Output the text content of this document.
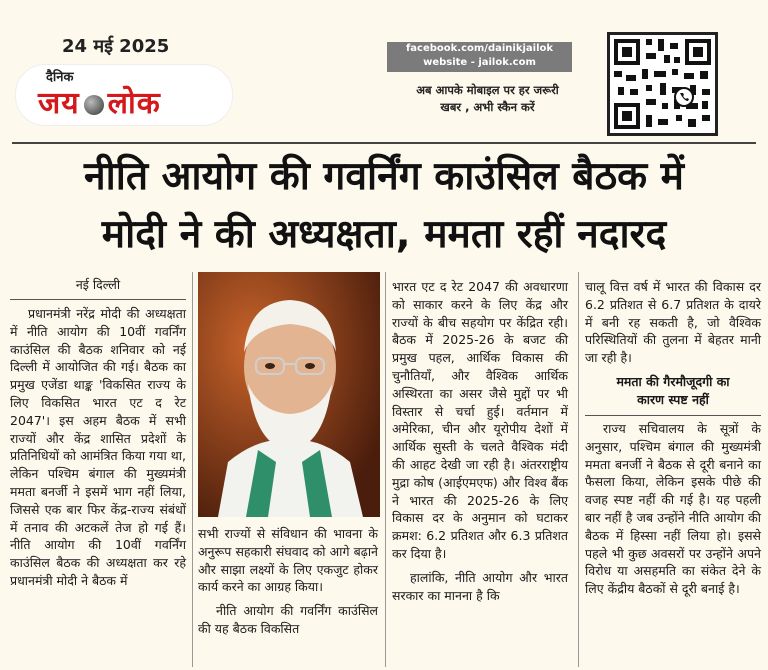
24 मई 2025
दैनिक
जय लोक
facebook.com/dainikjailok
website - jailok.com
अब आपके मोबाइल पर हर जरूरी
खबर , अभी स्कैन करें
नीति आयोग की गवर्निंग काउंसिल बैठक में
मोदी ने की अध्यक्षता, ममता रहीं नदारद
नई दिल्ली

प्रधानमंत्री नरेंद्र मोदी की अध्यक्षता में नीति आयोग की 10वीं गवर्निंग काउंसिल की बैठक शनिवार को नई दिल्ली में आयोजित की गई। बैठक का प्रमुख एजेंडा थाङ्क 'विकसित राज्य के लिए विकसित भारत एट द रेट 2047'। इस अहम बैठक में सभी राज्यों और केंद्र शासित प्रदेशों के प्रतिनिधियों को आमंत्रित किया गया था, लेकिन पश्चिम बंगाल की मुख्यमंत्री ममता बनर्जी ने इसमें भाग नहीं लिया, जिससे एक बार फिर केंद्र-राज्य संबंधों में तनाव की अटकलें तेज हो गई हैं। नीति आयोग की 10वीं गवर्निंग काउंसिल बैठक की अध्यक्षता कर रहे प्रधानमंत्री मोदी ने बैठक में

सभी राज्यों से संविधान की भावना के अनुरूप सहकारी संघवाद को आगे बढ़ाने और साझा लक्ष्यों के लिए एकजुट होकर कार्य करने का आग्रह किया।

नीति आयोग की गवर्निंग काउंसिल की यह बैठक विकसित

भारत एट द रेट 2047 की अवधारणा को साकार करने के लिए केंद्र और राज्यों के बीच सहयोग पर केंद्रित रही। बैठक में 2025-26 के बजट की प्रमुख पहल, आर्थिक विकास की चुनौतियाँ, और वैश्विक आर्थिक अस्थिरता का असर जैसे मुद्दों पर भी विस्तार से चर्चा हुई। वर्तमान में अमेरिका, चीन और यूरोपीय देशों में आर्थिक सुस्ती के चलते वैश्विक मंदी की आहट देखी जा रही है। अंतरराष्ट्रीय मुद्रा कोष (आईएमएफ) और विश्व बैंक ने भारत की 2025-26 के लिए विकास दर के अनुमान को घटाकर क्रमश: 6.2 प्रतिशत और 6.3 प्रतिशत कर दिया है।

हालांकि, नीति आयोग और भारत सरकार का मानना है कि

चालू वित्त वर्ष में भारत की विकास दर 6.2 प्रतिशत से 6.7 प्रतिशत के दायरे में बनी रह सकती है, जो वैश्विक परिस्थितियों की तुलना में बेहतर मानी जा रही है।

ममता की गैरमौजूदगी का
कारण स्पष्ट नहीं

राज्य सचिवालय के सूत्रों के अनुसार, पश्चिम बंगाल की मुख्यमंत्री ममता बनर्जी ने बैठक से दूरी बनाने का फैसला किया, लेकिन इसके पीछे की वजह स्पष्ट नहीं की गई है। यह पहली बार नहीं है जब उन्होंने नीति आयोग की बैठक में हिस्सा नहीं लिया हो। इससे पहले भी कुछ अवसरों पर उन्होंने अपने विरोध या असहमति का संकेत देने के लिए केंद्रीय बैठकों से दूरी बनाई है।
